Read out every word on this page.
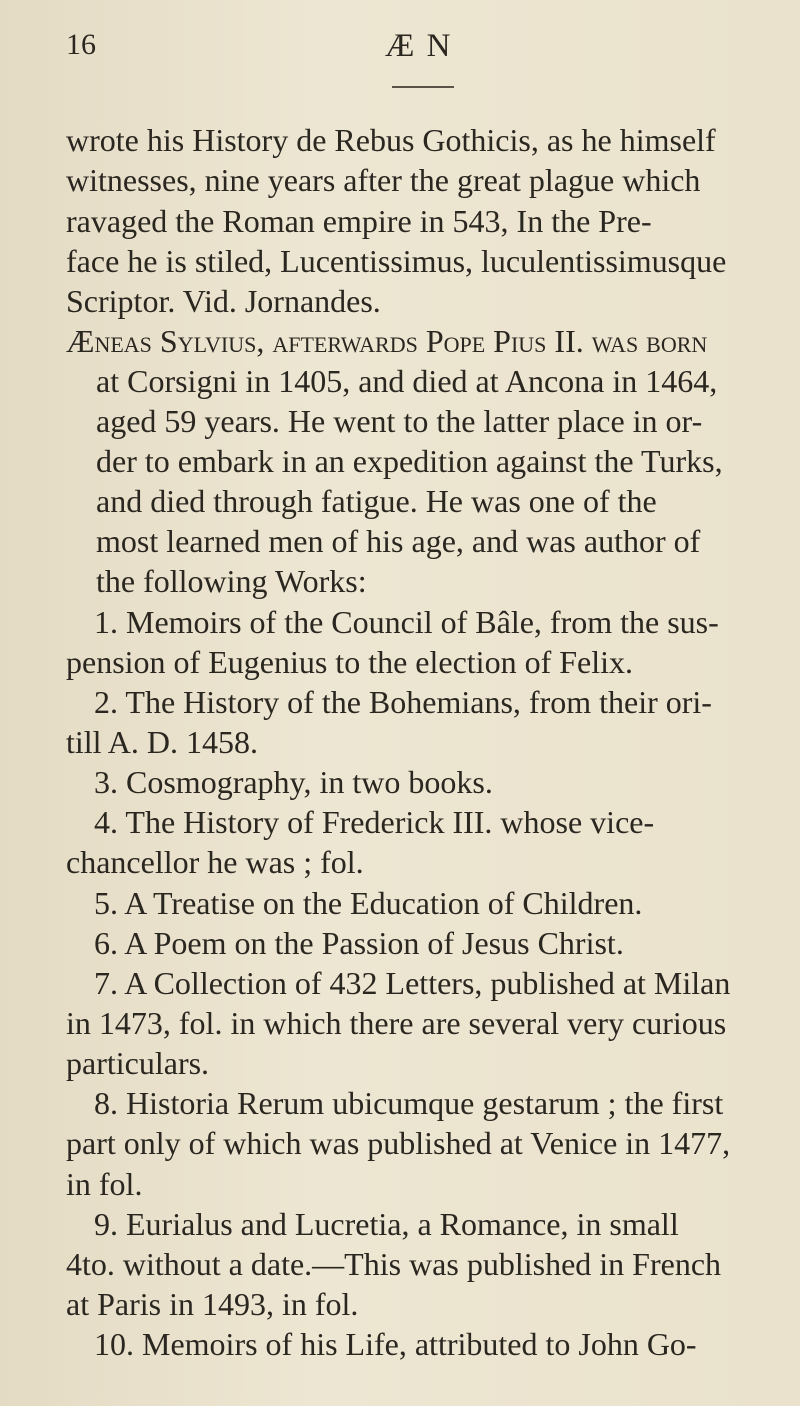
16	Æ N
wrote his History de Rebus Gothicis, as he himself
witnesses, nine years after the great plague which
ravaged the Roman empire in 543, In the Pre-
face he is stiled, Lucentissimus, luculentissimusque
Scriptor. Vid. Jornandes.
Æneas Sylvius, afterwards Pope Pius II. was born
at Corsigni in 1405, and died at Ancona in 1464,
aged 59 years. He went to the latter place in or-
der to embark in an expedition against the Turks,
and died through fatigue. He was one of the
most learned men of his age, and was author of
the following Works:
1. Memoirs of the Council of Bâle, from the sus-
pension of Eugenius to the election of Felix.
2. The History of the Bohemians, from their ori-
till A. D. 1458.
3. Cosmography, in two books.
4. The History of Frederick III. whose vice-
chancellor he was ; fol.
5. A Treatise on the Education of Children.
6. A Poem on the Passion of Jesus Christ.
7. A Collection of 432 Letters, published at Milan
in 1473, fol. in which there are several very curious
particulars.
8. Historia Rerum ubicumque gestarum ; the first
part only of which was published at Venice in 1477,
in fol.
9. Eurialus and Lucretia, a Romance, in small
4to. without a date.—This was published in French
at Paris in 1493, in fol.
10. Memoirs of his Life, attributed to John Go-
